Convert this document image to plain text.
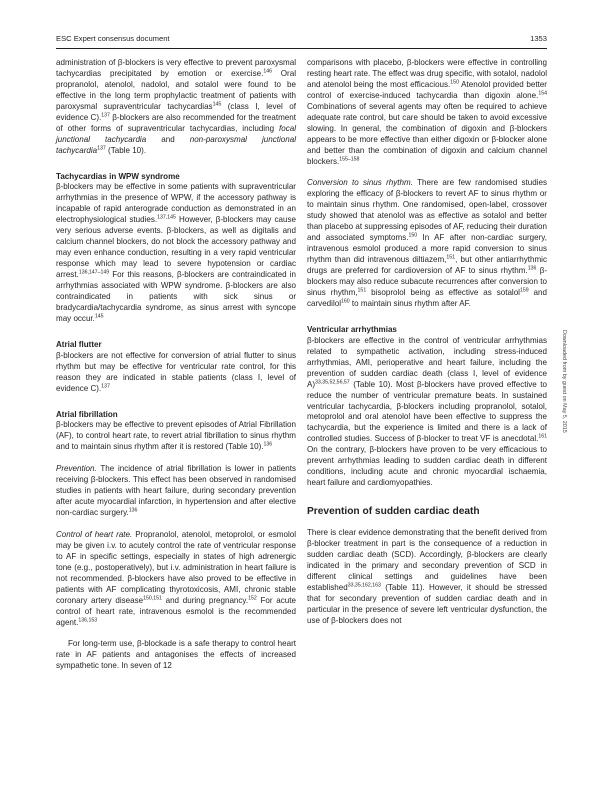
ESC Expert consensus document	1353
Downloaded from by guest on May 5, 2015

administration of β-blockers is very effective to prevent paroxysmal tachycardias precipitated by emotion or exercise.$^{146}$ Oral propranolol, atenolol, nadolol, and sotalol were found to be effective in the long term prophylactic treatment of patients with paroxysmal supraventricular tachycardias$^{145}$ (class I, level of evidence C).$^{137}$ β-blockers are also recommended for the treatment of other forms of supraventricular tachycardias, including focal junctional tachycardia and non-paroxysmal junctional tachycardia$^{137}$ (Table 10).

Tachycardias in WPW syndrome

β-blockers may be effective in some patients with supraventricular arrhythmias in the presence of WPW, if the accessory pathway is incapable of rapid anterograde conduction as demonstrated in an electrophysiological studies.$^{137,145}$ However, β-blockers may cause very serious adverse events. β-blockers, as well as digitalis and calcium channel blockers, do not block the accessory pathway and may even enhance conduction, resulting in a very rapid ventricular response which may lead to severe hypotension or cardiac arrest.$^{136,147-149}$ For this reasons, β-blockers are contraindicated in arrhythmias associated with WPW syndrome. β-blockers are also contraindicated in patients with sick sinus or bradycardia/tachycardia syndrome, as sinus arrest with syncope may occur.$^{145}$

Atrial flutter

β-blockers are not effective for conversion of atrial flutter to sinus rhythm but may be effective for ventricular rate control, for this reason they are indicated in stable patients (class I, level of evidence C).$^{137}$

Atrial fibrillation

β-blockers may be effective to prevent episodes of Atrial Fibrillation (AF), to control heart rate, to revert atrial fibrillation to sinus rhythm and to maintain sinus rhythm after it is restored (Table 10).$^{136}$

Prevention. The incidence of atrial fibrillation is lower in patients receiving β-blockers. This effect has been observed in randomised studies in patients with heart failure, during secondary prevention after acute myocardial infarction, in hypertension and after elective non-cardiac surgery.$^{136}$

Control of heart rate. Propranolol, atenolol, metoprolol, or esmolol may be given i.v. to acutely control the rate of ventricular response to AF in specific settings, especially in states of high adrenergic tone (e.g., postoperatively), but i.v. administration in heart failure is not recommended. β-blockers have also proved to be effective in patients with AF complicating thyrotoxicosis, AMI, chronic stable coronary artery disease$^{150,151}$ and during pregnancy.$^{152}$ For acute control of heart rate, intravenous esmolol is the recommended agent.$^{136,153}$

For long-term use, β-blockade is a safe therapy to control heart rate in AF patients and antagonises the effects of increased sympathetic tone. In seven of 12

comparisons with placebo, β-blockers were effective in controlling resting heart rate. The effect was drug specific, with sotalol, nadolol and atenolol being the most efficacious.$^{150}$ Atenolol provided better control of exercise-induced tachycardia than digoxin alone.$^{154}$ Combinations of several agents may often be required to achieve adequate rate control, but care should be taken to avoid excessive slowing. In general, the combination of digoxin and β-blockers appears to be more effective than either digoxin or β-blocker alone and better than the combination of digoxin and calcium channel blockers.$^{155-158}$

Conversion to sinus rhythm. There are few randomised studies exploring the efficacy of β-blockers to revert AF to sinus rhythm or to maintain sinus rhythm. One randomised, open-label, crossover study showed that atenolol was as effective as sotalol and better than placebo at suppressing episodes of AF, reducing their duration and associated symptoms.$^{150}$ In AF after non-cardiac surgery, intravenous esmolol produced a more rapid conversion to sinus rhythm than did intravenous diltiazem,$^{151}$, but other antiarrhythmic drugs are preferred for cardioversion of AF to sinus rhythm.$^{136}$ β-blockers may also reduce subacute recurrences after conversion to sinus rhythm,$^{151}$ bisoprolol being as effective as sotalol$^{159}$ and carvedilol$^{160}$ to maintain sinus rhythm after AF.

Ventricular arrhythmias

β-blockers are effective in the control of ventricular arrhythmias related to sympathetic activation, including stress-induced arrhythmias, AMI, perioperative and heart failure, including the prevention of sudden cardiac death (class I, level of evidence A)$^{33,35,52,56,57}$ (Table 10). Most β-blockers have proved effective to reduce the number of ventricular premature beats. In sustained ventricular tachycardia, β-blockers including propranolol, sotalol, metoprolol and oral atenolol have been effective to suppress the tachycardia, but the experience is limited and there is a lack of controlled studies. Success of β-blocker to treat VF is anecdotal.$^{161}$ On the contrary, β-blockers have proven to be very efficacious to prevent arrhythmias leading to sudden cardiac death in different conditions, including acute and chronic myocardial ischaemia, heart failure and cardiomyopathies.

Prevention of sudden cardiac death

There is clear evidence demonstrating that the benefit derived from β-blocker treatment in part is the consequence of a reduction in sudden cardiac death (SCD). Accordingly, β-blockers are clearly indicated in the primary and secondary prevention of SCD in different clinical settings and guidelines have been established$^{33,35,162,163}$ (Table 11). However, it should be stressed that for secondary prevention of sudden cardiac death and in particular in the presence of severe left ventricular dysfunction, the use of β-blockers does not
